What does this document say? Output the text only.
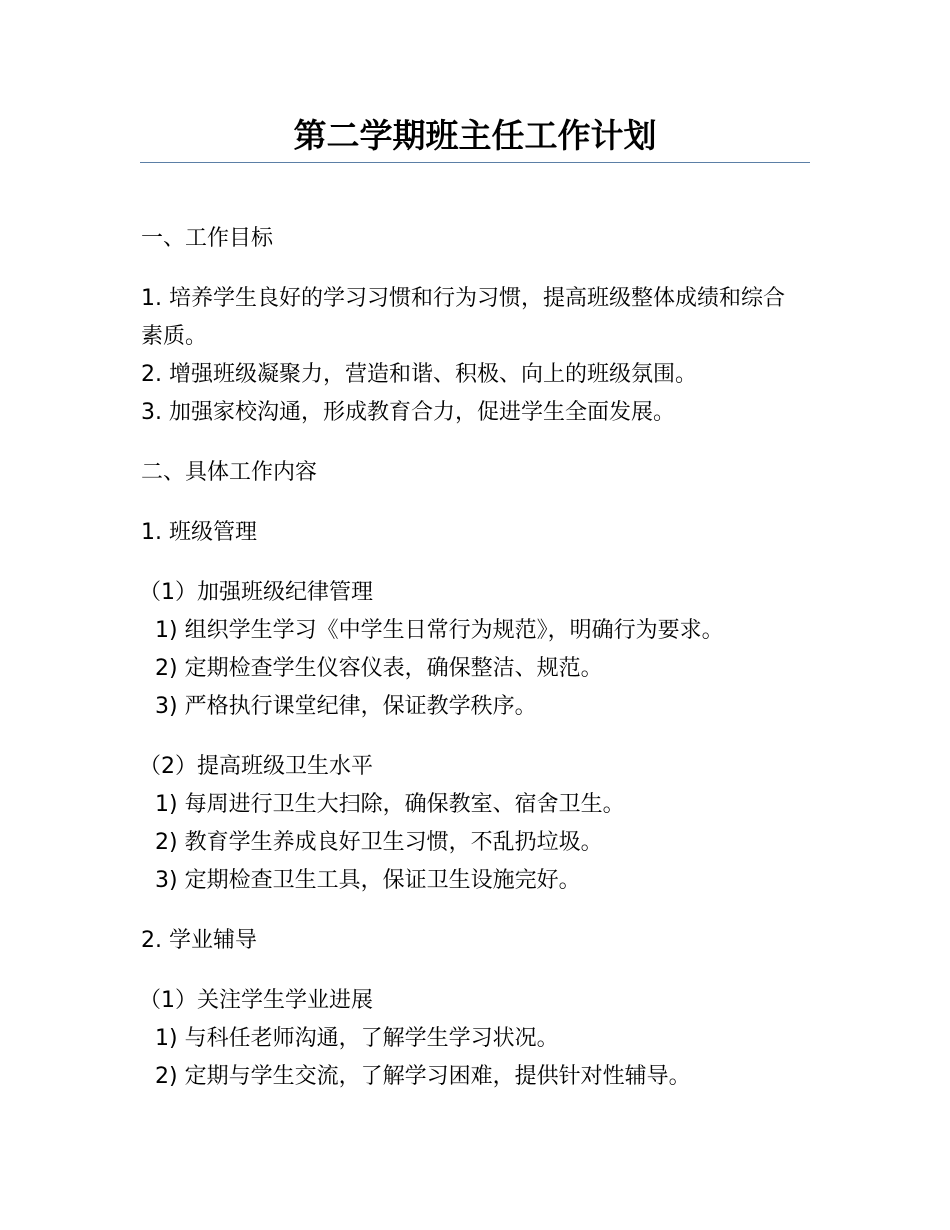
第二学期班主任工作计划
一、工作目标
1. 培养学生良好的学习习惯和行为习惯，提高班级整体成绩和综合素质。
2. 增强班级凝聚力，营造和谐、积极、向上的班级氛围。
3. 加强家校沟通，形成教育合力，促进学生全面发展。
二、具体工作内容
1. 班级管理
（1）加强班级纪律管理
1) 组织学生学习《中学生日常行为规范》，明确行为要求。
2) 定期检查学生仪容仪表，确保整洁、规范。
3) 严格执行课堂纪律，保证教学秩序。
（2）提高班级卫生水平
1) 每周进行卫生大扫除，确保教室、宿舍卫生。
2) 教育学生养成良好卫生习惯，不乱扔垃圾。
3) 定期检查卫生工具，保证卫生设施完好。
2. 学业辅导
（1）关注学生学业进展
1) 与科任老师沟通，了解学生学习状况。
2) 定期与学生交流，了解学习困难，提供针对性辅导。
